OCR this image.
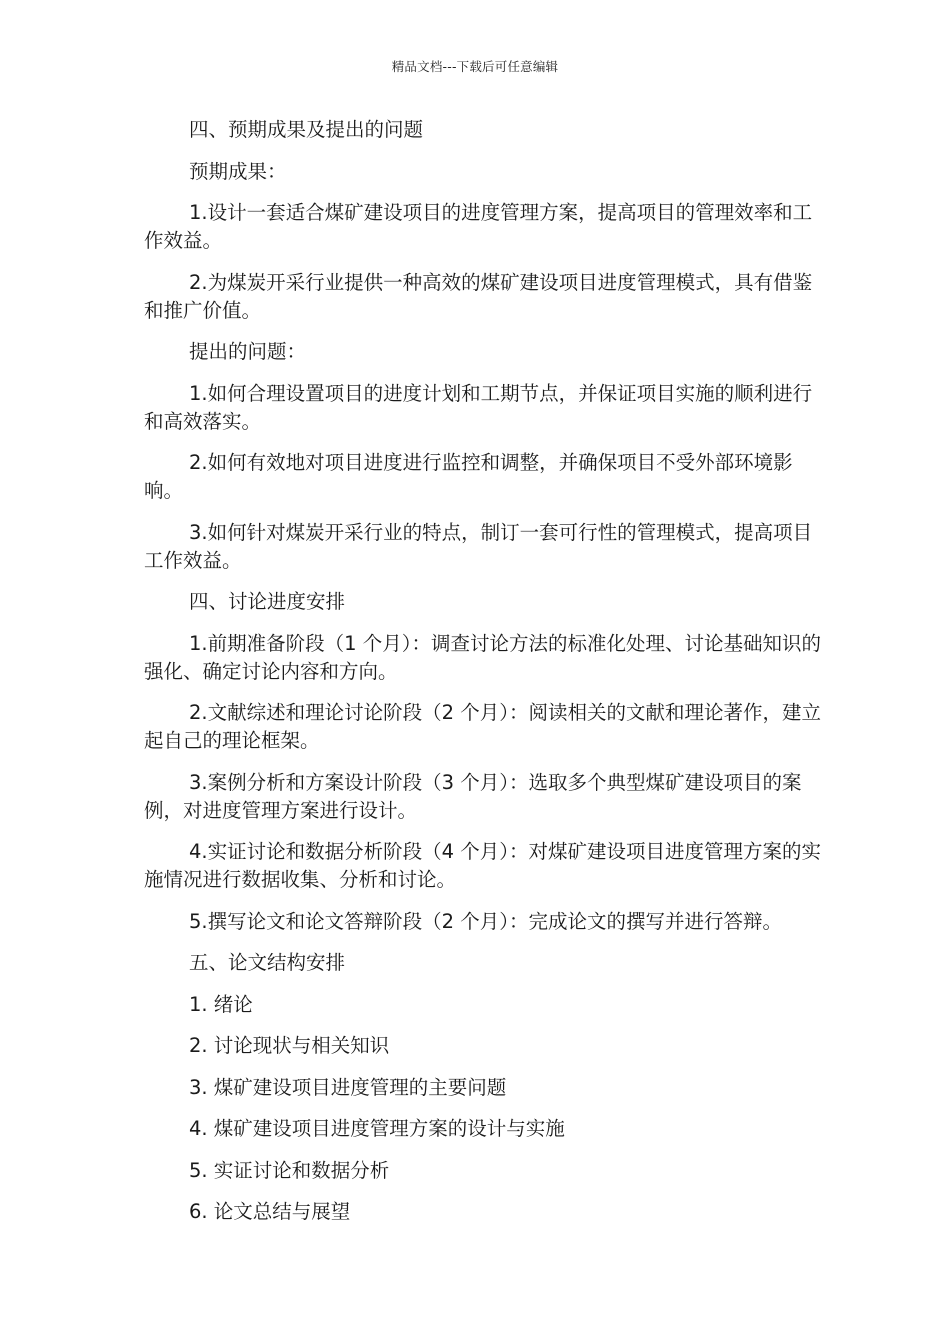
精品文档---下载后可任意编辑

四、预期成果及提出的问题

预期成果：

1.设计一套适合煤矿建设项目的进度管理方案，提高项目的管理效率和工作效益。

2.为煤炭开采行业提供一种高效的煤矿建设项目进度管理模式，具有借鉴和推广价值。

提出的问题：

1.如何合理设置项目的进度计划和工期节点，并保证项目实施的顺利进行和高效落实。

2.如何有效地对项目进度进行监控和调整，并确保项目不受外部环境影响。

3.如何针对煤炭开采行业的特点，制订一套可行性的管理模式，提高项目工作效益。

四、讨论进度安排

1.前期准备阶段（1 个月）：调查讨论方法的标准化处理、讨论基础知识的强化、确定讨论内容和方向。

2.文献综述和理论讨论阶段（2 个月）：阅读相关的文献和理论著作，建立起自己的理论框架。

3.案例分析和方案设计阶段（3 个月）：选取多个典型煤矿建设项目的案例，对进度管理方案进行设计。

4.实证讨论和数据分析阶段（4 个月）：对煤矿建设项目进度管理方案的实施情况进行数据收集、分析和讨论。

5.撰写论文和论文答辩阶段（2 个月）：完成论文的撰写并进行答辩。

五、论文结构安排

1. 绪论
2. 讨论现状与相关知识
3. 煤矿建设项目进度管理的主要问题
4. 煤矿建设项目进度管理方案的设计与实施
5. 实证讨论和数据分析
6. 论文总结与展望
